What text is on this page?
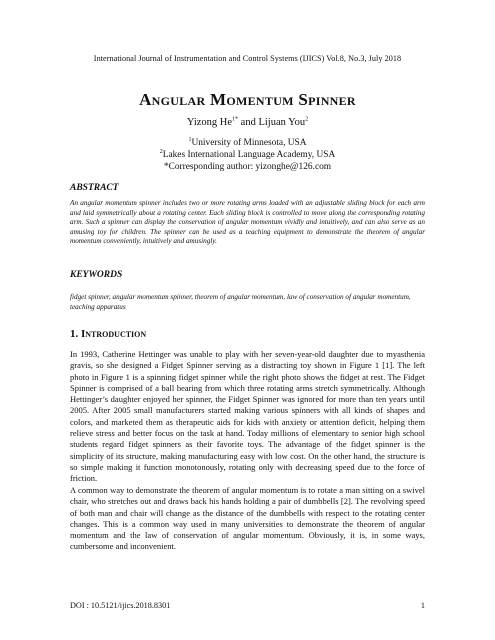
International Journal of Instrumentation and Control Systems (IJICS) Vol.8, No.3, July 2018
Angular Momentum Spinner
Yizong $He^{1*}$ and Lijuan You$^2$
$^1$University of Minnesota, USA
$^2$Lakes International Language Academy, USA
*Corresponding author: yizonghe@126.com
ABSTRACT
An angular momentum spinner includes two or more rotating arms loaded with an adjustable sliding block for each arm and laid symmetrically about a rotating center. Each sliding block is controlled to move along the corresponding rotating arm. Such a spinner can display the conservation of angular momentum vividly and intuitively, and can also serve as an amusing toy for children. The spinner can be used as a teaching equipment to demonstrate the theorem of angular momentum conveniently, intuitively and amusingly.
KEYWORDS
fidget spinner, angular momentum spinner, theorem of angular momentum, law of conservation of angular momentum, teaching apparatus
1. Introduction
In 1993, Catherine Hettinger was unable to play with her seven-year-old daughter due to myasthenia gravis, so she designed a Fidget Spinner serving as a distracting toy shown in Figure 1 [1]. The left photo in Figure 1 is a spinning fidget spinner while the right photo shows the fidget at rest. The Fidget Spinner is comprised of a ball bearing from which three rotating arms stretch symmetrically. Although Hettinger’s daughter enjoyed her spinner, the Fidget Spinner was ignored for more than ten years until 2005. After 2005 small manufacturers started making various spinners with all kinds of shapes and colors, and marketed them as therapeutic aids for kids with anxiety or attention deficit, helping them relieve stress and better focus on the task at hand. Today millions of elementary to senior high school students regard fidget spinners as their favorite toys. The advantage of the fidget spinner is the simplicity of its structure, making manufacturing easy with low cost. On the other hand, the structure is so simple making it function monotonously, rotating only with decreasing speed due to the force of friction.
A common way to demonstrate the theorem of angular momentum is to rotate a man sitting on a swivel chair, who stretches out and draws back his hands holding a pair of dumbbells [2]. The revolving speed of both man and chair will change as the distance of the dumbbells with respect to the rotating center changes. This is a common way used in many universities to demonstrate the theorem of angular momentum and the law of conservation of angular momentum. Obviously, it is, in some ways, cumbersome and inconvenient.
DOI : 10.5121/ijics.2018.8301	1
